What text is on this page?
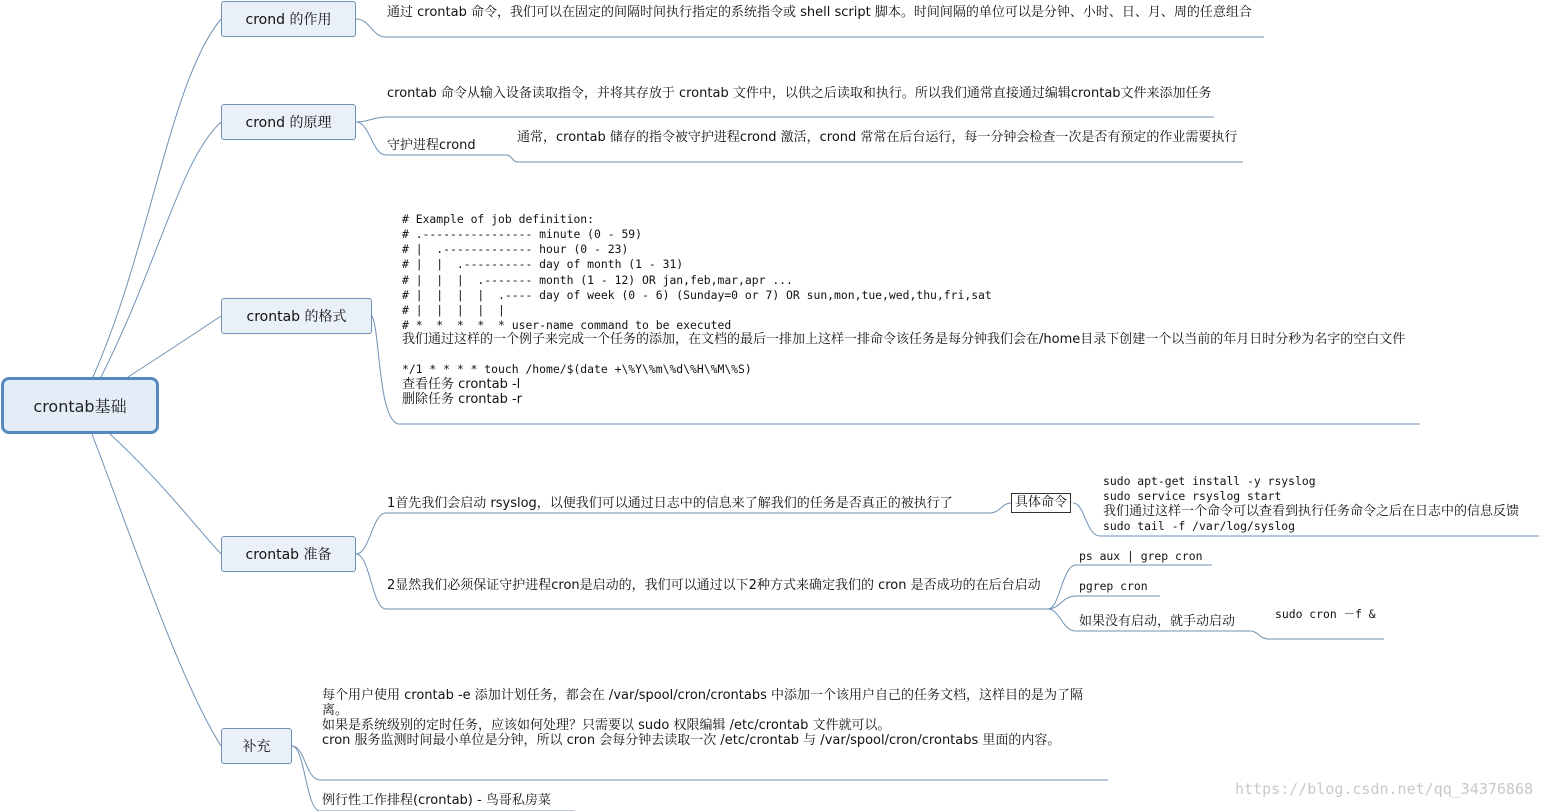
crontab基础
crond 的作用	通过 crontab 命令，我们可以在固定的间隔时间执行指定的系统指令或 shell script 脚本。时间间隔的单位可以是分钟、小时、日、月、周的任意组合
crond 的原理
crontab 命令从输入设备读取指令，并将其存放于 crontab 文件中，以供之后读取和执行。所以我们通常直接通过编辑crontab文件来添加任务
守护进程crond
通常，crontab 储存的指令被守护进程crond 激活，crond 常常在后台运行，每一分钟会检查一次是否有预定的作业需要执行
crontab 的格式
# Example of job definition:
# .---------------- minute (0 - 59)
# |  .------------- hour (0 - 23)
# |  |  .---------- day of month (1 - 31)
# |  |  |  .------- month (1 - 12) OR jan,feb,mar,apr ...
# |  |  |  |  .---- day of week (0 - 6) (Sunday=0 or 7) OR sun,mon,tue,wed,thu,fri,sat
# |  |  |  |  |
# *  *  *  *  * user-name command to be executed
我们通过这样的一个例子来完成一个任务的添加，在文档的最后一排加上这样一排命令该任务是每分钟我们会在/home目录下创建一个以当前的年月日时分秒为名字的空白文件
*/1 * * * * touch /home/$(date +\%Y\%m\%d\%H\%M\%S)
查看任务 crontab -l
删除任务 crontab -r
crontab 准备
1首先我们会启动 rsyslog，以便我们可以通过日志中的信息来了解我们的任务是否真正的被执行了	具体命令
sudo apt-get install -y rsyslog
sudo service rsyslog start
我们通过这样一个命令可以查看到执行任务命令之后在日志中的信息反馈
sudo tail -f /var/log/syslog
2显然我们必须保证守护进程cron是启动的，我们可以通过以下2种方式来确定我们的 cron 是否成功的在后台启动
ps aux | grep cron
pgrep cron
如果没有启动，就手动启动	sudo cron －f &
补充
每个用户使用 crontab -e 添加计划任务，都会在 /var/spool/cron/crontabs 中添加一个该用户自己的任务文档，这样目的是为了隔离。
如果是系统级别的定时任务，应该如何处理？只需要以 sudo 权限编辑 /etc/crontab 文件就可以。
cron 服务监测时间最小单位是分钟，所以 cron 会每分钟去读取一次 /etc/crontab 与 /var/spool/cron/crontabs 里面的内容。
例行性工作排程(crontab) - 鸟哥私房菜
https://blog.csdn.net/qq_34376868
